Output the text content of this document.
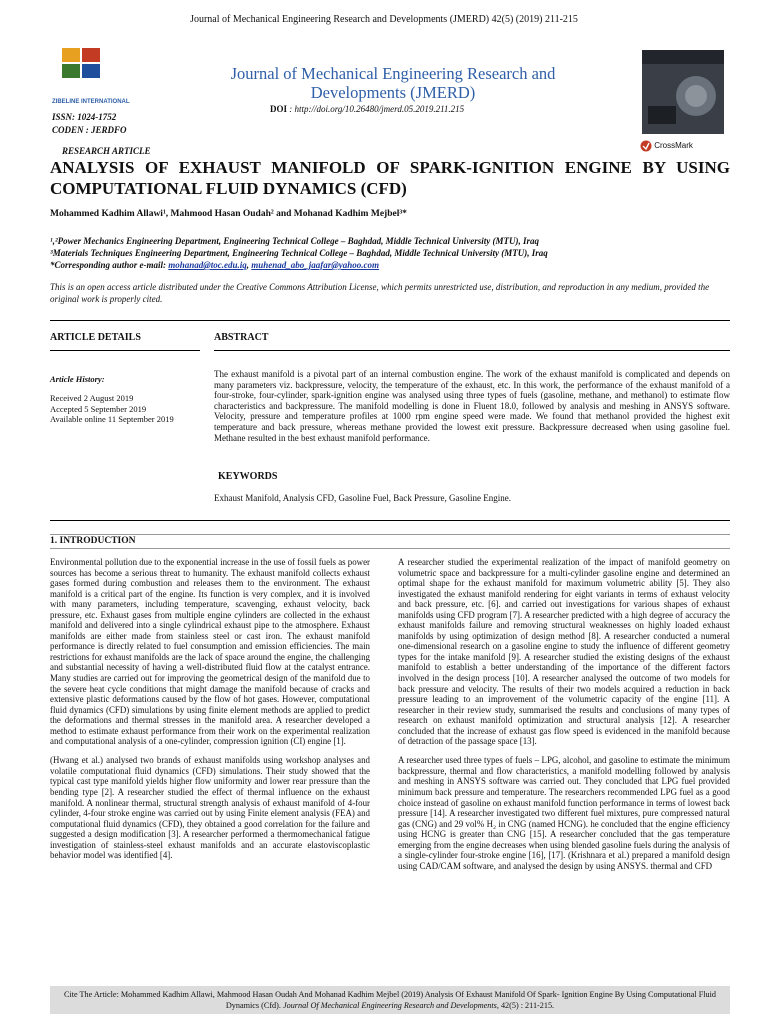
Journal of Mechanical Engineering Research and Developments (JMERD) 42(5) (2019) 211-215
ZIBELINE INTERNATIONAL
ISSN: 1024-1752
CODEN : JERDFO
Journal of Mechanical Engineering Research and Developments (JMERD)
DOI : http://doi.org/10.26480/jmerd.05.2019.211.215
CrossMark
RESEARCH ARTICLE
ANALYSIS OF EXHAUST MANIFOLD OF SPARK-IGNITION ENGINE BY USING COMPUTATIONAL FLUID DYNAMICS (CFD)
Mohammed Kadhim Allawi¹, Mahmood Hasan Oudah² and Mohanad Kadhim Mejbel³*
¹,²Power Mechanics Engineering Department, Engineering Technical College – Baghdad, Middle Technical University (MTU), Iraq
³Materials Techniques Engineering Department, Engineering Technical College – Baghdad, Middle Technical University (MTU), Iraq
*Corresponding author e-mail: mohanad@toc.edu.iq, muhenad_abo_jaafar@yahoo.com
This is an open access article distributed under the Creative Commons Attribution License, which permits unrestricted use, distribution, and reproduction in any medium, provided the original work is properly cited.
ARTICLE DETAILS	ABSTRACT
Article History:
Received 2 August 2019
Accepted 5 September 2019
Available online 11 September 2019
The exhaust manifold is a pivotal part of an internal combustion engine. The work of the exhaust manifold is complicated and depends on many parameters viz. backpressure, velocity, the temperature of the exhaust, etc. In this work, the performance of the exhaust manifold of a four-stroke, four-cylinder, spark-ignition engine was analysed using three types of fuels (gasoline, methane, and methanol) to estimate flow characteristics and backpressure. The manifold modelling is done in Fluent 18.0, followed by analysis and meshing in ANSYS software. Velocity, pressure and temperature profiles at 1000 rpm engine speed were made. We found that methanol provided the highest exit temperature and back pressure, whereas methane provided the lowest exit pressure. Backpressure decreased when using gasoline fuel. Methane resulted in the best exhaust manifold performance.
KEYWORDS
Exhaust Manifold, Analysis CFD, Gasoline Fuel, Back Pressure, Gasoline Engine.
1. INTRODUCTION

Environmental pollution due to the exponential increase in the use of fossil fuels as power sources has become a serious threat to humanity. The exhaust manifold collects exhaust gases formed during combustion and releases them to the environment. The exhaust manifold is a critical part of the engine. Its function is very complex, and it is involved with many parameters, including temperature, scavenging, exhaust velocity, back pressure, etc. Exhaust gases from multiple engine cylinders are collected in the exhaust manifold and delivered into a single cylindrical exhaust pipe to the atmosphere. Exhaust manifolds are either made from stainless steel or cast iron. The exhaust manifold performance is directly related to fuel consumption and emission efficiencies. The main restrictions for exhaust manifolds are the lack of space around the engine, the challenging and substantial necessity of having a well-distributed fluid flow at the catalyst entrance. Many studies are carried out for improving the geometrical design of the manifold due to the severe heat cycle conditions that might damage the manifold because of cracks and extensive plastic deformations caused by the flow of hot gases. However, computational fluid dynamics (CFD) simulations by using finite element methods are applied to predict the deformations and thermal stresses in the manifold area. A researcher developed a method to estimate exhaust performance from their work on the experimental realization and computational analysis of a one-cylinder, compression ignition (CI) engine [1].

(Hwang et al.) analysed two brands of exhaust manifolds using workshop analyses and volatile computational fluid dynamics (CFD) simulations. Their study showed that the typical cast type manifold yields higher flow uniformity and lower rear pressure than the bending type [2]. A researcher studied the effect of thermal influence on the exhaust manifold. A nonlinear thermal, structural strength analysis of exhaust manifold of 4-four cylinder, 4-four stroke engine was carried out by using Finite element analysis (FEA) and computational fluid dynamics (CFD), they obtained a good correlation for the failure and suggested a design modification [3]. A researcher performed a thermomechanical fatigue investigation of stainless-steel exhaust manifolds and an accurate elastoviscoplastic behavior model was identified [4].

A researcher studied the experimental realization of the impact of manifold geometry on volumetric space and backpressure for a multi-cylinder gasoline engine and determined an optimal shape for the exhaust manifold for maximum volumetric ability [5]. They also investigated the exhaust manifold rendering for eight variants in terms of exhaust velocity and back pressure, etc. [6]. and carried out investigations for various shapes of exhaust manifolds using CFD program [7]. A researcher predicted with a high degree of accuracy the exhaust manifolds failure and removing structural weaknesses on highly loaded exhaust manifolds by using optimization of design method [8]. A researcher conducted a numeral one-dimensional research on a gasoline engine to study the influence of different geometry types for the intake manifold [9]. A researcher studied the existing designs of the exhaust manifold to establish a better understanding of the importance of the different factors involved in the design process [10]. A researcher analysed the outcome of two models for back pressure and velocity. The results of their two models acquired a reduction in back pressure leading to an improvement of the volumetric capacity of the engine [11]. A researcher in their review study, summarised the results and conclusions of many types of research on exhaust manifold optimization and structural analysis [12]. A researcher concluded that the increase of exhaust gas flow speed is evidenced in the manifold because of detraction of the passage space [13].

A researcher used three types of fuels – LPG, alcohol, and gasoline to estimate the minimum backpressure, thermal and flow characteristics, a manifold modelling followed by analysis and meshing in ANSYS software was carried out. They concluded that LPG fuel provided minimum back pressure and temperature. The researchers recommended LPG fuel as a good choice instead of gasoline on exhaust manifold function performance in terms of lowest back pressure [14]. A researcher investigated two different fuel mixtures, pure compressed natural gas (CNG) and 29 vol% H₂ in CNG (named HCNG). he concluded that the engine efficiency using HCNG is greater than CNG [15]. A researcher concluded that the gas temperature emerging from the engine decreases when using blended gasoline fuels during the analysis of a single-cylinder four-stroke engine [16], [17]. (Krishnara et al.) prepared a manifold design using CAD/CAM software, and analysed the design by using ANSYS. thermal and CFD

Cite The Article: Mohammed Kadhim Allawi, Mahmood Hasan Oudah And Mohanad Kadhim Mejbel (2019) Analysis Of Exhaust Manifold Of Spark- Ignition Engine By Using Computational Fluid Dynamics (Cfd). Journal Of Mechanical Engineering Research and Developments, 42(5) : 211-215.
